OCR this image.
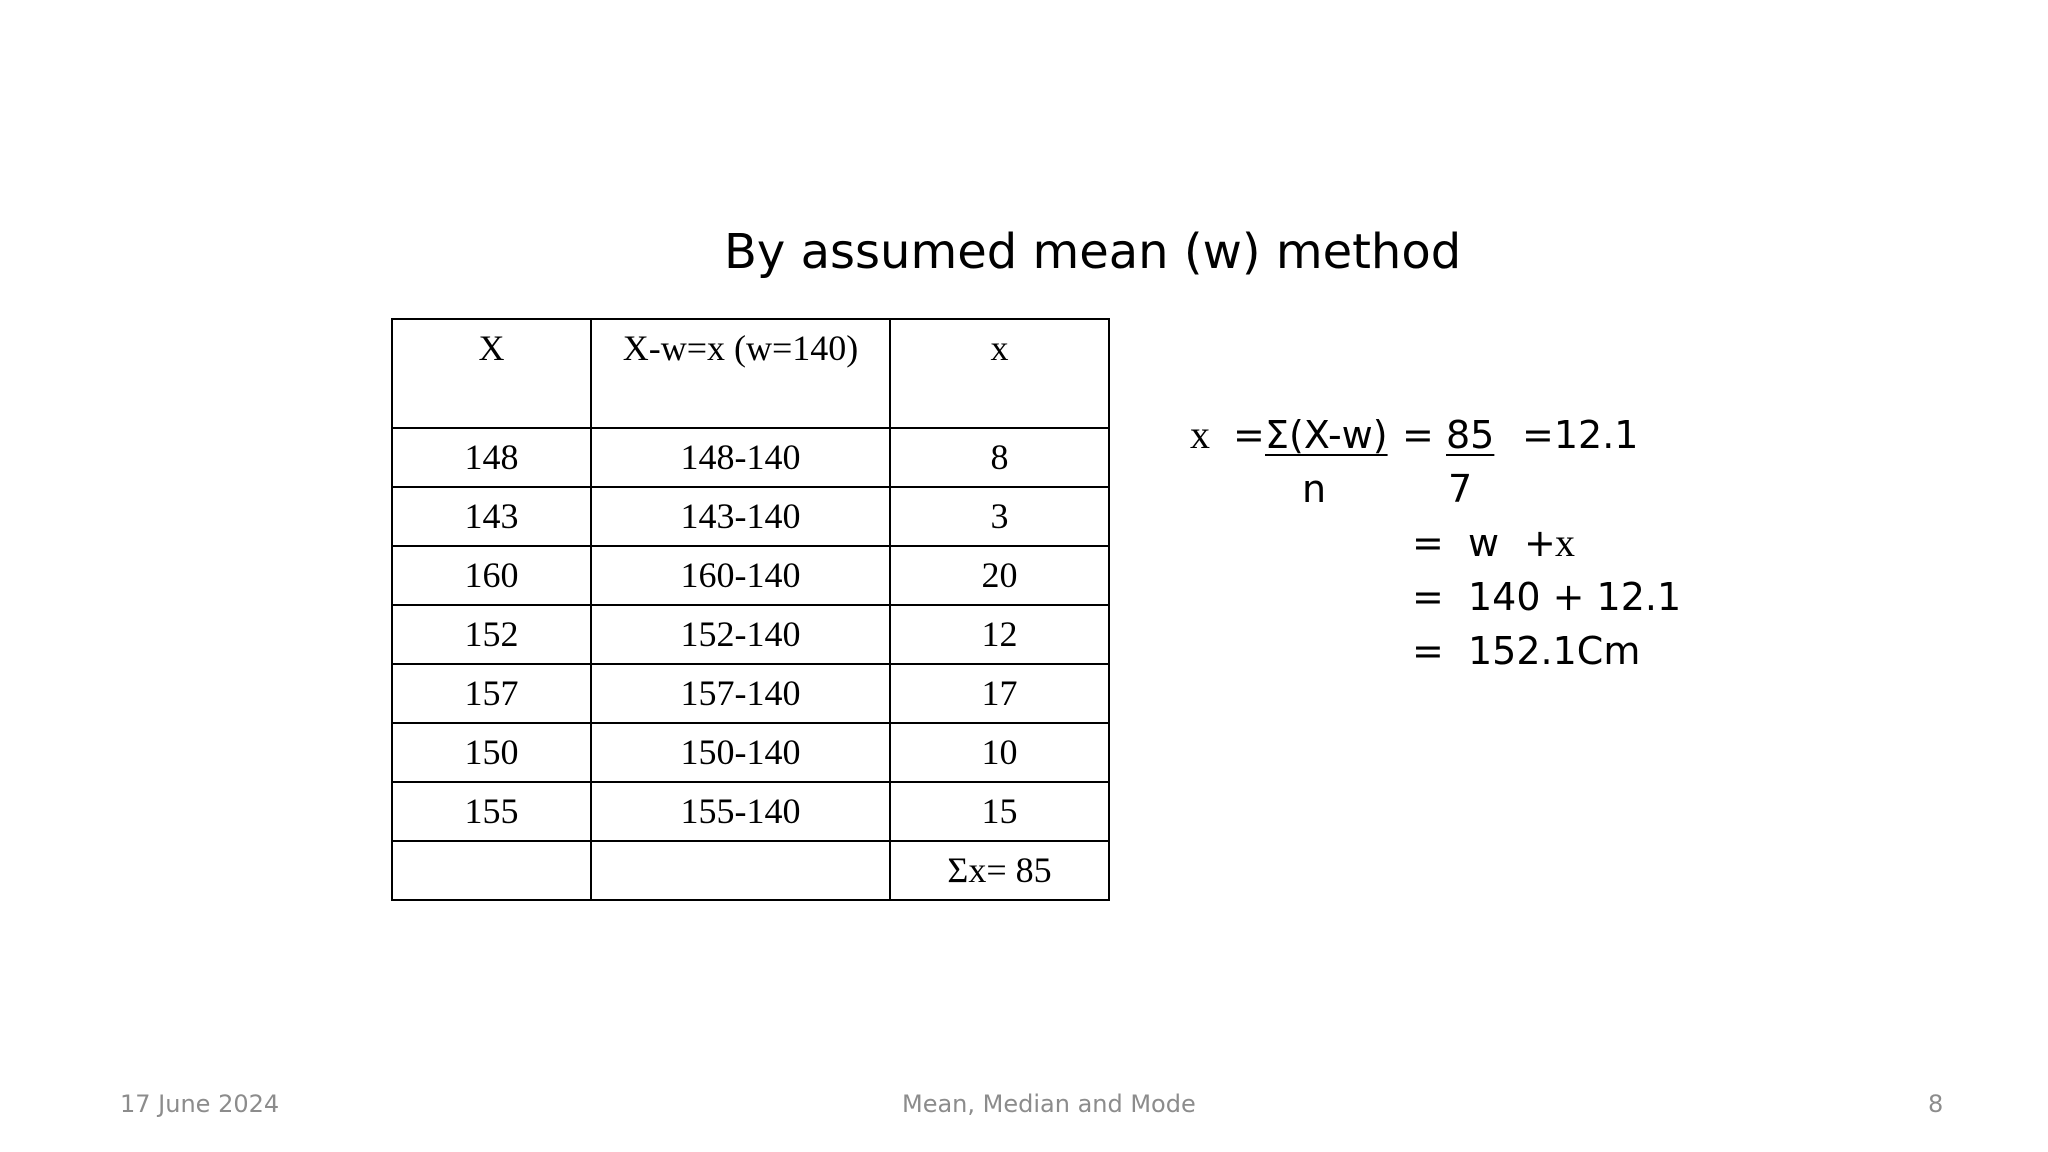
By assumed mean (w) method
X	X-w=x (w=140)	x
148	148-140	8
143	143-140	3
160	160-140	20
152	152-140	12
157	157-140	17
150	150-140	10
155	155-140	15
		Σx= 85
x = Σ(X-w) = 85 =12.1
n	7
= w + x
=  140 + 12.1
=  152.1Cm
17 June 2024	Mean, Median and Mode	8
